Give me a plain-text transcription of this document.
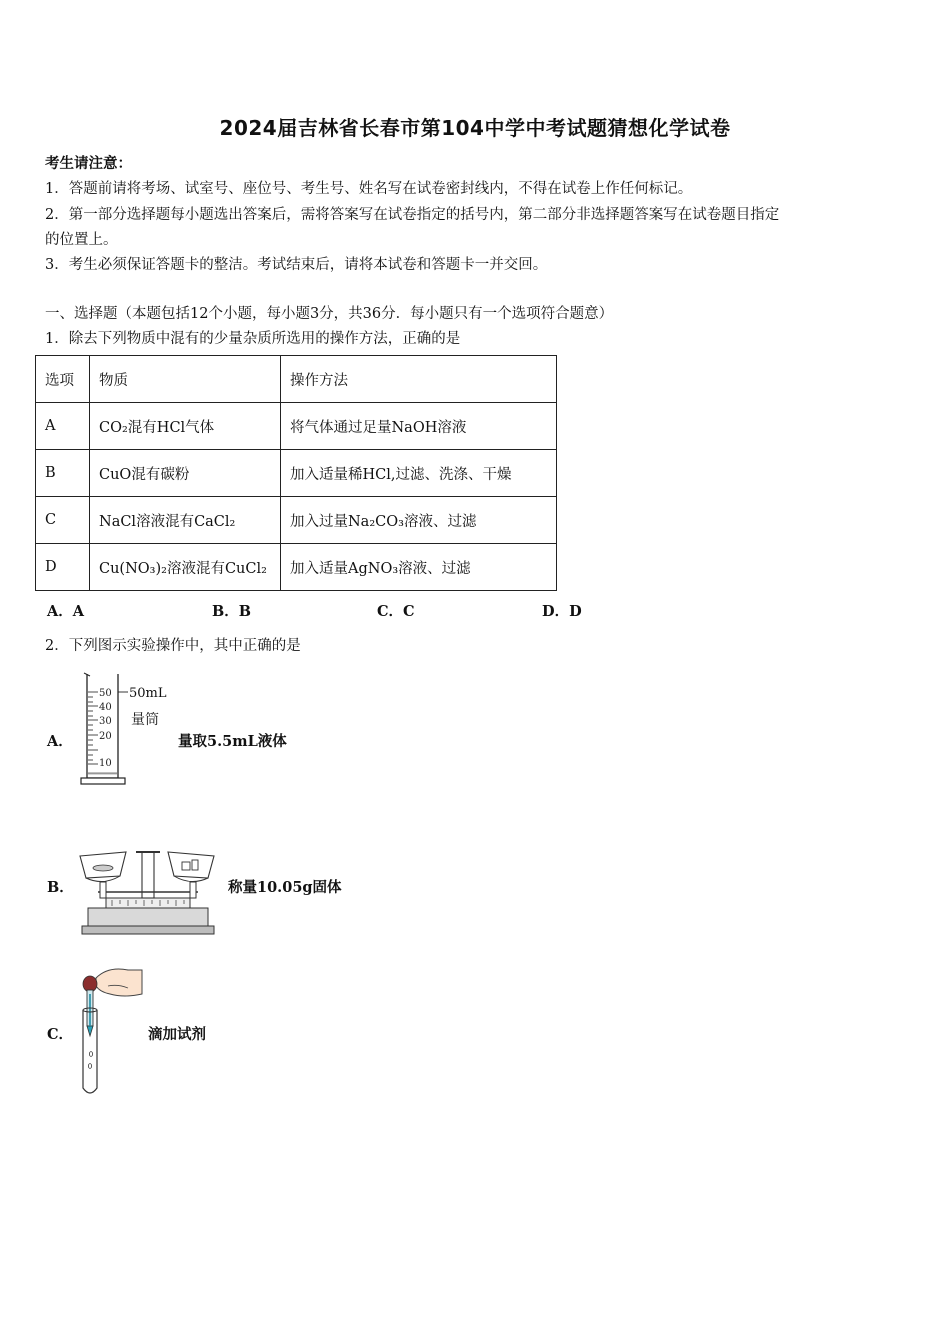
2024届吉林省长春市第104中学中考试题猜想化学试卷
考生请注意：
1．答题前请将考场、试室号、座位号、考生号、姓名写在试卷密封线内，不得在试卷上作任何标记。
2．第一部分选择题每小题选出答案后，需将答案写在试卷指定的括号内，第二部分非选择题答案写在试卷题目指定
的位置上。
3．考生必须保证答题卡的整洁。考试结束后，请将本试卷和答题卡一并交回。
一、选择题（本题包括12个小题，每小题3分，共36分．每小题只有一个选项符合题意）
1．除去下列物质中混有的少量杂质所选用的操作方法，正确的是
选项	物质	操作方法
A	CO₂混有HCl气体	将气体通过足量NaOH溶液
B	CuO混有碳粉	加入适量稀HCl,过滤、洗涤、干燥
C	NaCl溶液混有CaCl₂	加入过量Na₂CO₃溶液、过滤
D	Cu(NO₃)₂溶液混有CuCl₂	加入适量AgNO₃溶液、过滤
A．A	B．B	C．C	D．D
2．下列图示实验操作中，其中正确的是
A．
50
40
30
20
10
50mL
量筒
量取5.5mL液体
B．	称量10.05g固体
C．	滴加试剂
